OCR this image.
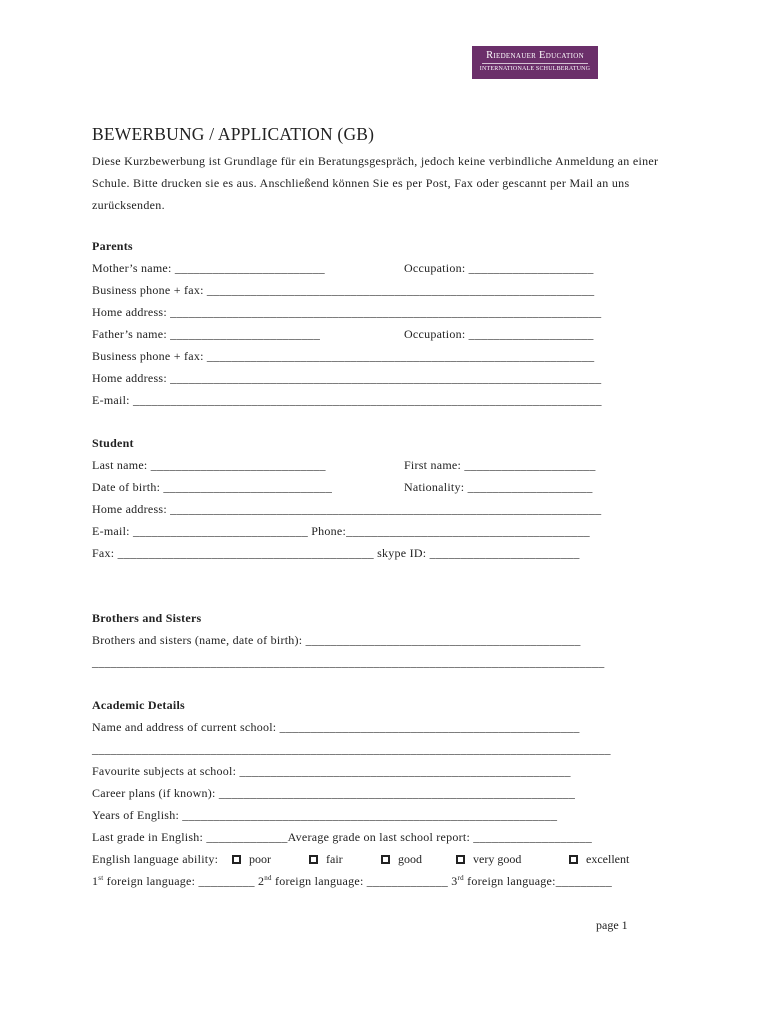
Riedenauer Education
INTERNATIONALE SCHULBERATUNG
BEWERBUNG / APPLICATION (GB)
Diese Kurzbewerbung ist Grundlage für ein Beratungsgespräch, jedoch keine verbindliche Anmeldung an einer Schule. Bitte drucken sie es aus. Anschließend können Sie es per Post, Fax oder gescannt per Mail an uns zurücksenden.
Parents
Mother’s name: ________________________	Occupation: ____________________
Business phone + fax: ______________________________________________________________
Home address: _____________________________________________________________________
Father’s name: ________________________	Occupation: ____________________
Business phone + fax: ______________________________________________________________
Home address: _____________________________________________________________________
E-mail: ___________________________________________________________________________
Student
Last name: ____________________________	First name: _____________________
Date of birth: ___________________________	Nationality: ____________________
Home address: _____________________________________________________________________
E-mail: ____________________________ Phone:_______________________________________
Fax: _________________________________________ skype ID: ________________________
Brothers and Sisters
Brothers and sisters (name, date of birth): ____________________________________________
__________________________________________________________________________________
Academic Details
Name and address of current school: ________________________________________________
___________________________________________________________________________________
Favourite subjects at school: _____________________________________________________
Career plans (if known): _________________________________________________________
Years of English: ____________________________________________________________
Last grade in English: _____________Average grade on last school report: ___________________
English language ability:	poor	fair	good	very good	excellent
1st foreign language: _________ 2nd foreign language: _____________ 3rd foreign language:_________
page 1
